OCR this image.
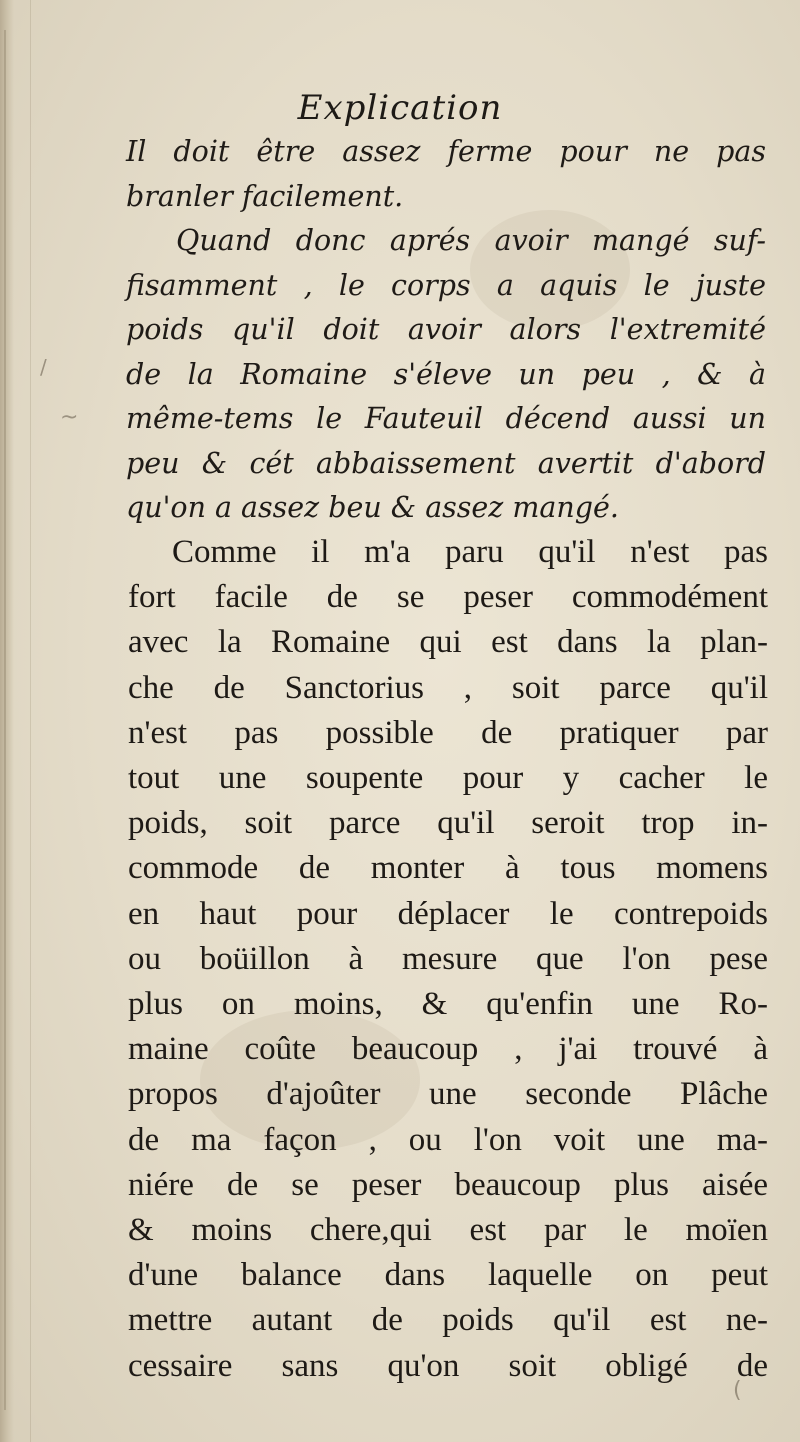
/
~
(
Explication
Il doit être assez ferme pour ne pas
branler facilement.
Quand donc aprés avoir mangé suf-
fisamment , le corps a aquis le juste
poids qu'il doit avoir alors l'extremité
de la Romaine s'éleve un peu , & à
même-tems le Fauteuil décend aussi un
peu & cét abbaissement avertit d'abord
qu'on a assez beu & assez mangé.
Comme il m'a paru qu'il n'est pas
fort facile de se peser commodément
avec la Romaine qui est dans la plan-
che de Sanctorius , soit parce qu'il
n'est pas possible de pratiquer par
tout une soupente pour y cacher le
poids, soit parce qu'il seroit trop in-
commode de monter à tous momens
en haut pour déplacer le contrepoids
ou boüillon à mesure que l'on pese
plus on moins, & qu'enfin une Ro-
maine coûte beaucoup , j'ai trouvé à
propos d'ajoûter une seconde Plâche
de ma façon , ou l'on voit une ma-
niére de se peser beaucoup plus aisée
& moins chere,qui est par le moïen
d'une balance dans laquelle on peut
mettre autant de poids qu'il est ne-
cessaire sans qu'on soit obligé de
